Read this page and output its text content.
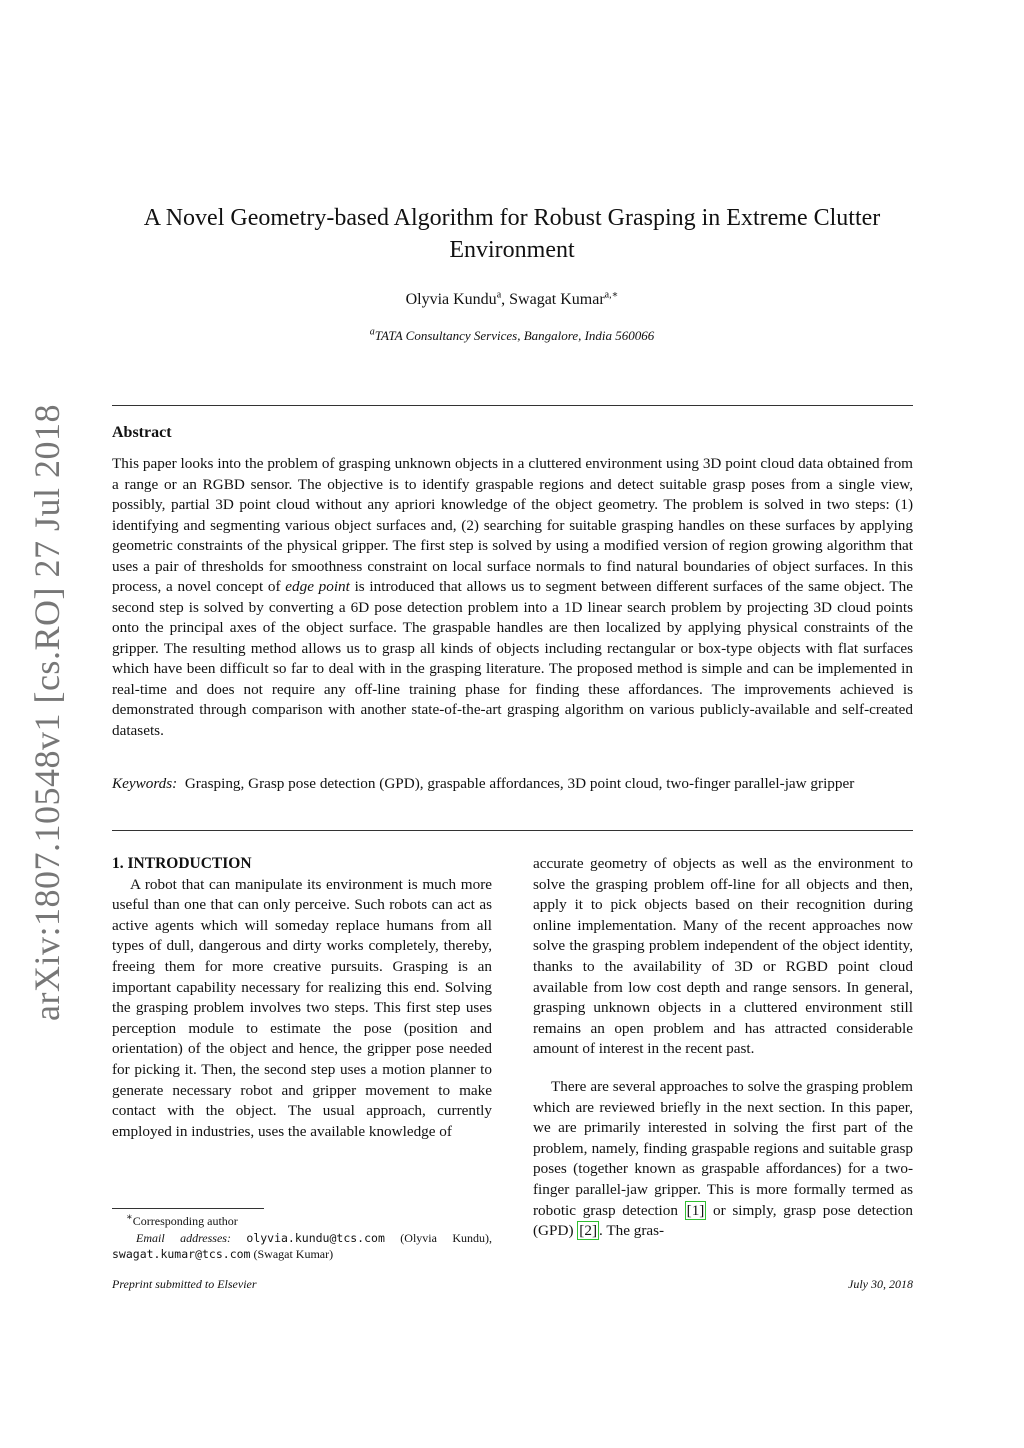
arXiv:1807.10548v1 [cs.RO] 27 Jul 2018
A Novel Geometry-based Algorithm for Robust Grasping in Extreme Clutter Environment
Olyvia Kundu$^a$, Swagat Kumar$^{a,∗}$
$^a$TATA Consultancy Services, Bangalore, India 560066
Abstract

This paper looks into the problem of grasping unknown objects in a cluttered environment using 3D point cloud data obtained from a range or an RGBD sensor. The objective is to identify graspable regions and detect suitable grasp poses from a single view, possibly, partial 3D point cloud without any apriori knowledge of the object geometry. The problem is solved in two steps: (1) identifying and segmenting various object surfaces and, (2) searching for suitable grasping handles on these surfaces by applying geometric constraints of the physical gripper. The first step is solved by using a modified version of region growing algorithm that uses a pair of thresholds for smoothness constraint on local surface normals to find natural boundaries of object surfaces. In this process, a novel concept of edge point is introduced that allows us to segment between different surfaces of the same object. The second step is solved by converting a 6D pose detection problem into a 1D linear search problem by projecting 3D cloud points onto the principal axes of the object surface. The graspable handles are then localized by applying physical constraints of the gripper. The resulting method allows us to grasp all kinds of objects including rectangular or box-type objects with flat surfaces which have been difficult so far to deal with in the grasping literature. The proposed method is simple and can be implemented in real-time and does not require any off-line training phase for finding these affordances. The improvements achieved is demonstrated through comparison with another state-of-the-art grasping algorithm on various publicly-available and self-created datasets.

Keywords: Grasping, Grasp pose detection (GPD), graspable affordances, 3D point cloud, two-finger parallel-jaw gripper

1. INTRODUCTION

A robot that can manipulate its environment is much more useful than one that can only perceive. Such robots can act as active agents which will someday replace humans from all types of dull, dangerous and dirty works completely, thereby, freeing them for more creative pursuits. Grasping is an important capability necessary for realizing this end. Solving the grasping problem involves two steps. This first step uses perception module to estimate the pose (position and orientation) of the object and hence, the gripper pose needed for picking it. Then, the second step uses a motion planner to generate necessary robot and gripper movement to make contact with the object. The usual approach, currently employed in industries, uses the available knowledge of

accurate geometry of objects as well as the environment to solve the grasping problem off-line for all objects and then, apply it to pick objects based on their recognition during online implementation. Many of the recent approaches now solve the grasping problem independent of the object identity, thanks to the availability of 3D or RGBD point cloud available from low cost depth and range sensors. In general, grasping unknown objects in a cluttered environment still remains an open problem and has attracted considerable amount of interest in the recent past.

There are several approaches to solve the grasping problem which are reviewed briefly in the next section. In this paper, we are primarily interested in solving the first part of the problem, namely, finding graspable regions and suitable grasp poses (together known as graspable affordances) for a two-finger parallel-jaw gripper. This is more formally termed as robotic grasp detection [1] or simply, grasp pose detection (GPD) [2] . The gras-

∗Corresponding author

Email addresses: olyvia.kundu@tcs.com (Olyvia Kundu), swagat.kumar@tcs.com (Swagat Kumar)

Preprint submitted to Elsevier	July 30, 2018
